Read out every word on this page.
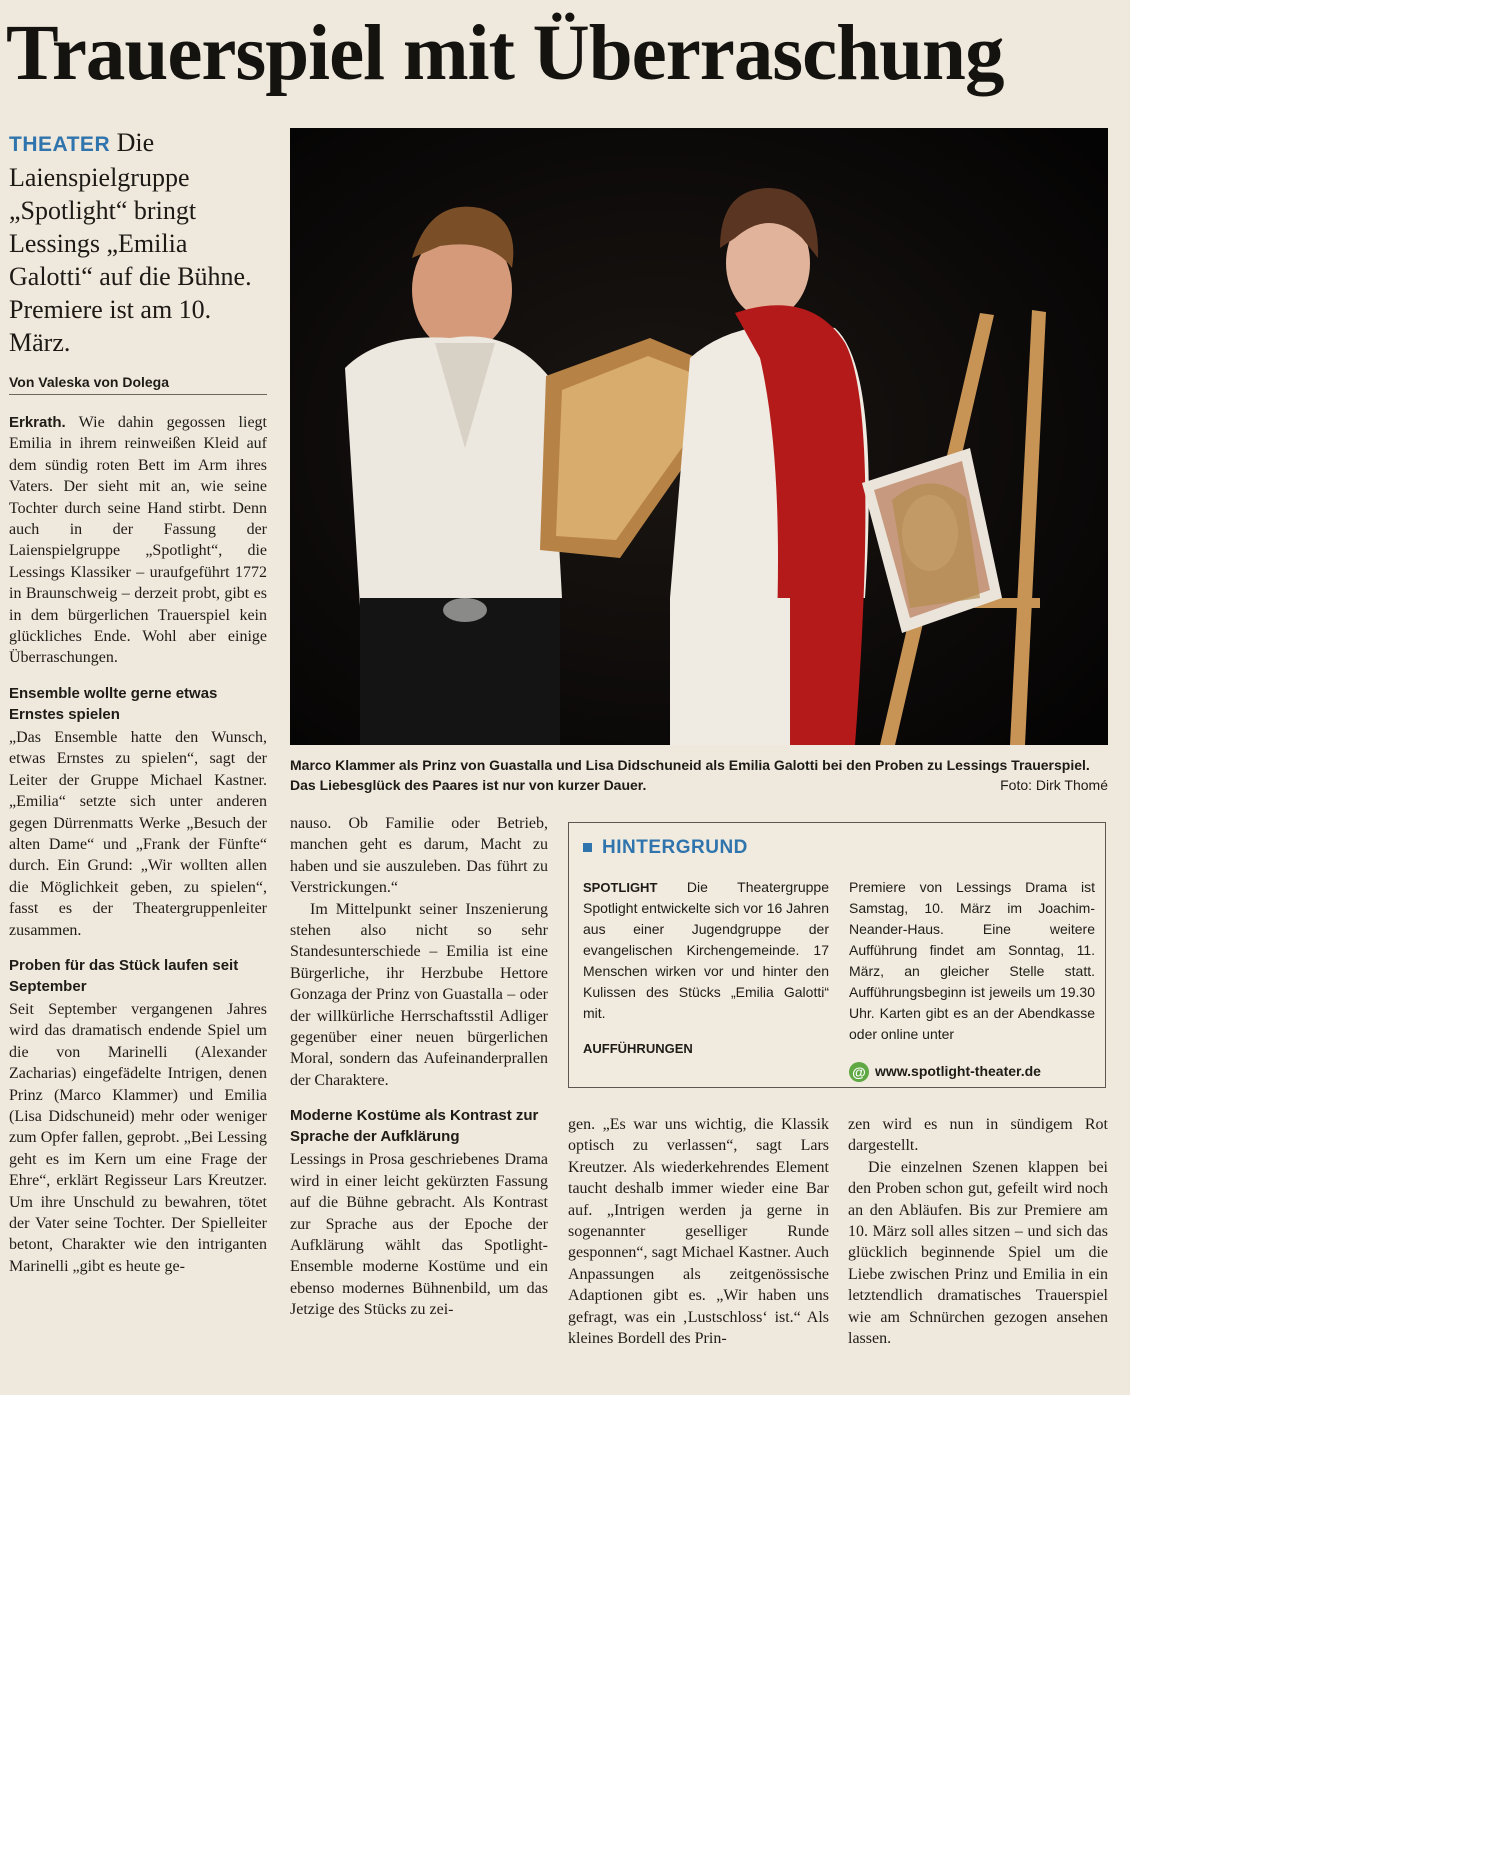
Trauerspiel mit Überraschung
THEATER Die Laienspielgruppe „Spotlight“ bringt Lessings „Emilia Galotti“ auf die Bühne. Premiere ist am 10. März.
Von Valeska von Dolega

Erkrath. Wie dahin gegossen liegt Emilia in ihrem reinweißen Kleid auf dem sündig roten Bett im Arm ihres Vaters. Der sieht mit an, wie seine Tochter durch seine Hand stirbt. Denn auch in der Fassung der Laienspielgruppe „Spotlight“, die Lessings Klassiker – uraufgeführt 1772 in Braunschweig – derzeit probt, gibt es in dem bürgerlichen Trauerspiel kein glückliches Ende. Wohl aber einige Überraschungen.

Ensemble wollte gerne etwas Ernstes spielen

„Das Ensemble hatte den Wunsch, etwas Ernstes zu spielen“, sagt der Leiter der Gruppe Michael Kastner. „Emilia“ setzte sich unter anderen gegen Dürrenmatts Werke „Besuch der alten Dame“ und „Frank der Fünfte“ durch. Ein Grund: „Wir wollten allen die Möglichkeit geben, zu spielen“, fasst es der Theatergruppenleiter zusammen.

Proben für das Stück laufen seit September

Seit September vergangenen Jahres wird das dramatisch endende Spiel um die von Marinelli (Alexander Zacharias) eingefädelte Intrigen, denen Prinz (Marco Klammer) und Emilia (Lisa Didschuneid) mehr oder weniger zum Opfer fallen, geprobt. „Bei Lessing geht es im Kern um eine Frage der Ehre“, erklärt Regisseur Lars Kreutzer. Um ihre Unschuld zu bewahren, tötet der Vater seine Tochter. Der Spielleiter betont, Charakter wie den intriganten Marinelli „gibt es heute ge-

Marco Klammer als Prinz von Guastalla und Lisa Didschuneid als Emilia Galotti bei den Proben zu Lessings Trauerspiel. Das Liebesglück des Paares ist nur von kurzer Dauer.	Foto: Dirk Thomé

nauso. Ob Familie oder Betrieb, manchen geht es darum, Macht zu haben und sie auszuleben. Das führt zu Verstrickungen.“

Im Mittelpunkt seiner Inszenierung stehen also nicht so sehr Standesunterschiede – Emilia ist eine Bürgerliche, ihr Herzbube Hettore Gonzaga der Prinz von Guastalla – oder der willkürliche Herrschaftsstil Adliger gegenüber einer neuen bürgerlichen Moral, sondern das Aufeinanderprallen der Charaktere.

Moderne Kostüme als Kontrast zur Sprache der Aufklärung

Lessings in Prosa geschriebenes Drama wird in einer leicht gekürzten Fassung auf die Bühne gebracht. Als Kontrast zur Sprache aus der Epoche der Aufklärung wählt das Spotlight-Ensemble moderne Kostüme und ein ebenso modernes Bühnenbild, um das Jetzige des Stücks zu zei-

HINTERGRUND

SPOTLIGHT Die Theatergruppe Spotlight entwickelte sich vor 16 Jahren aus einer Jugendgruppe der evangelischen Kirchengemeinde. 17 Menschen wirken vor und hinter den Kulissen des Stücks „Emilia Galotti“ mit.

AUFFÜHRUNGEN

Premiere von Lessings Drama ist Samstag, 10. März im Joachim-Neander-Haus. Eine weitere Aufführung findet am Sonntag, 11. März, an gleicher Stelle statt. Aufführungsbeginn ist jeweils um 19.30 Uhr. Karten gibt es an der Abendkasse oder online unter

@ www.spotlight-theater.de

gen. „Es war uns wichtig, die Klassik optisch zu verlassen“, sagt Lars Kreutzer. Als wiederkehrendes Element taucht deshalb immer wieder eine Bar auf. „Intrigen werden ja gerne in sogenannter geselliger Runde gesponnen“, sagt Michael Kastner. Auch Anpassungen als zeitgenössische Adaptionen gibt es. „Wir haben uns gefragt, was ein ‚Lustschloss‘ ist.“ Als kleines Bordell des Prin-

zen wird es nun in sündigem Rot dargestellt.

Die einzelnen Szenen klappen bei den Proben schon gut, gefeilt wird noch an den Abläufen. Bis zur Premiere am 10. März soll alles sitzen – und sich das glücklich beginnende Spiel um die Liebe zwischen Prinz und Emilia in ein letztendlich dramatisches Trauerspiel wie am Schnürchen gezogen ansehen lassen.
